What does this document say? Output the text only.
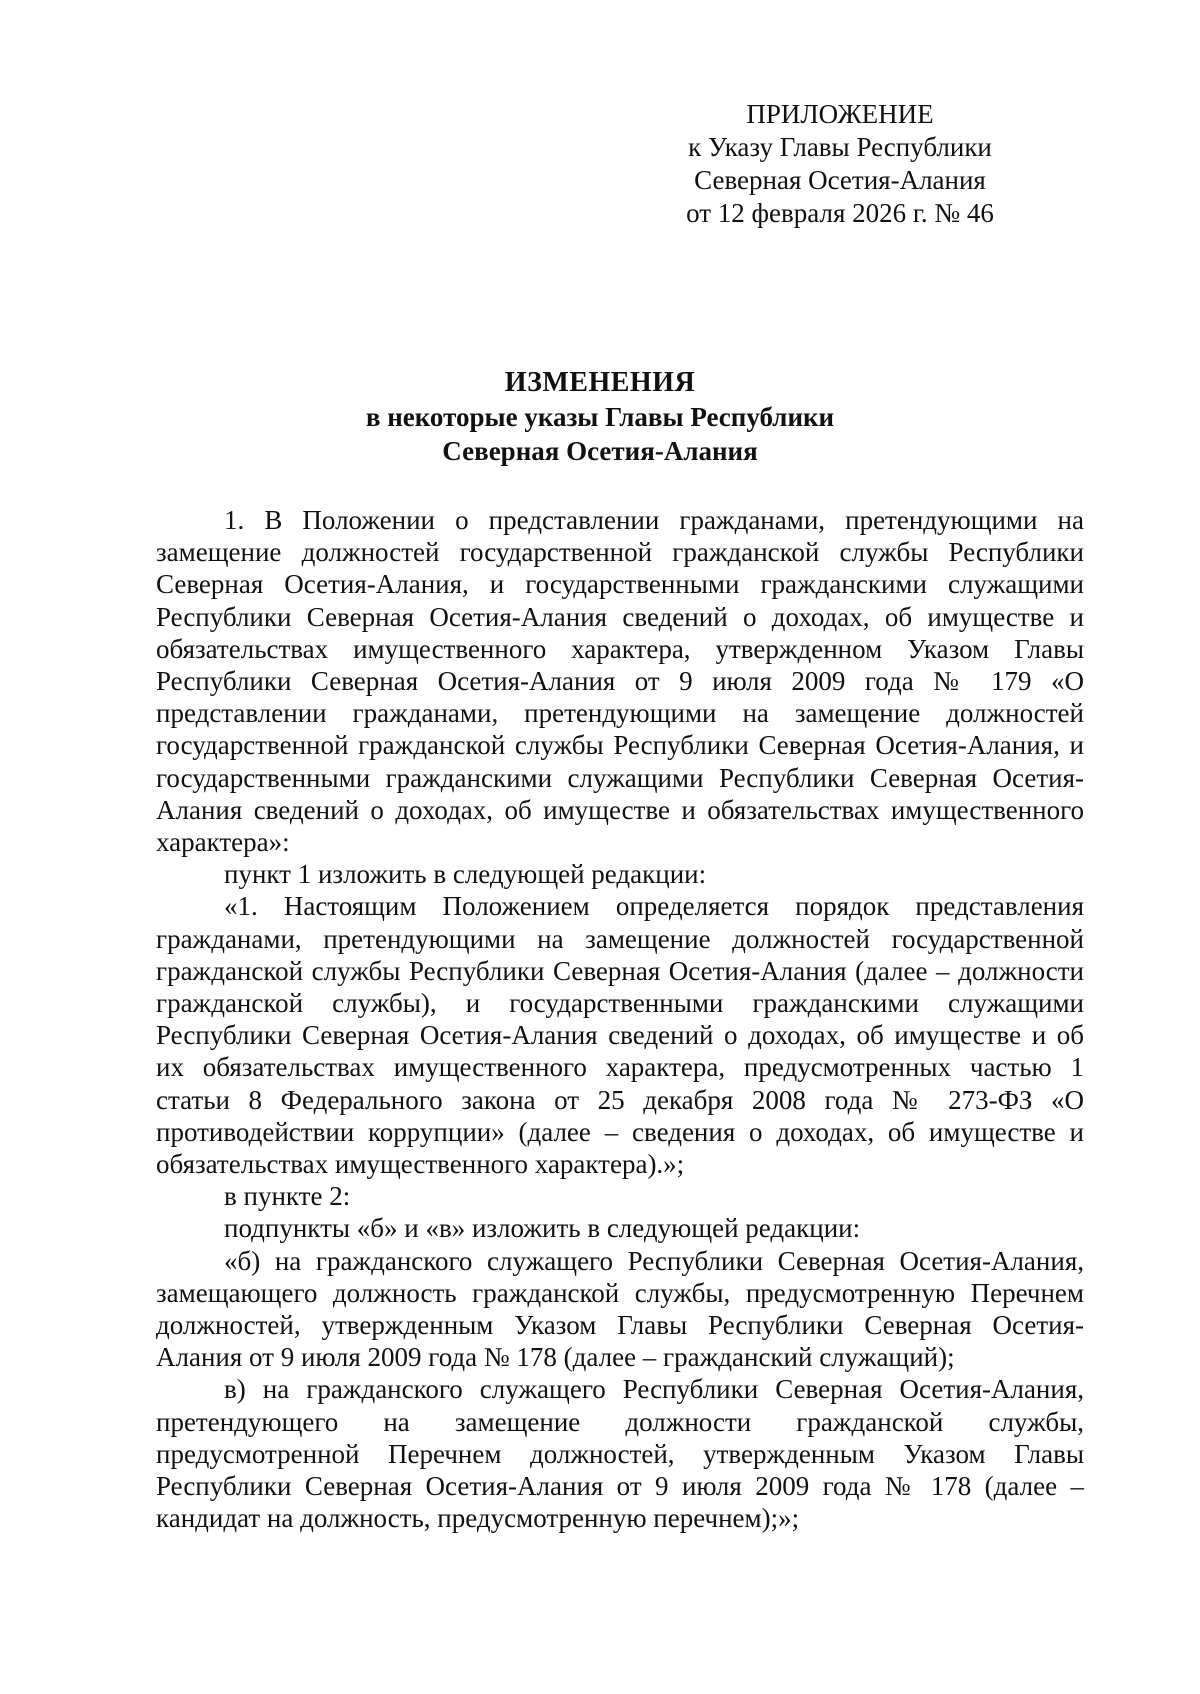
ПРИЛОЖЕНИЕ
к Указу Главы Республики
Северная Осетия-Алания
от 12 февраля 2026 г. № 46
ИЗМЕНЕНИЯ
в некоторые указы Главы Республики
Северная Осетия-Алания

1. В Положении о представлении гражданами, претендующими на замещение должностей государственной гражданской службы Республики Северная Осетия-Алания, и государственными гражданскими служащими Республики Северная Осетия-Алания сведений о доходах, об имуществе и обязательствах имущественного характера, утвержденном Указом Главы Республики Северная Осетия-Алания от 9 июля 2009 года № 179 «О представлении гражданами, претендующими на замещение должностей государственной гражданской службы Республики Северная Осетия-Алания, и государственными гражданскими служащими Республики Северная Осетия-Алания сведений о доходах, об имуществе и обязательствах имущественного характера»:

пункт 1 изложить в следующей редакции:

«1. Настоящим Положением определяется порядок представления гражданами, претендующими на замещение должностей государственной гражданской службы Республики Северная Осетия-Алания (далее – должности гражданской службы), и государственными гражданскими служащими Республики Северная Осетия-Алания сведений о доходах, об имуществе и об их обязательствах имущественного характера, предусмотренных частью 1 статьи 8 Федерального закона от 25 декабря 2008 года № 273-ФЗ «О противодействии коррупции» (далее – сведения о доходах, об имуществе и обязательствах имущественного характера).»;

в пункте 2:

подпункты «б» и «в» изложить в следующей редакции:

«б) на гражданского служащего Республики Северная Осетия-Алания, замещающего должность гражданской службы, предусмотренную Перечнем должностей, утвержденным Указом Главы Республики Северная Осетия-Алания от 9 июля 2009 года № 178 (далее – гражданский служащий);

в) на гражданского служащего Республики Северная Осетия-Алания, претендующего на замещение должности гражданской службы, предусмотренной Перечнем должностей, утвержденным Указом Главы Республики Северная Осетия-Алания от 9 июля 2009 года № 178 (далее – кандидат на должность, предусмотренную перечнем);»;
